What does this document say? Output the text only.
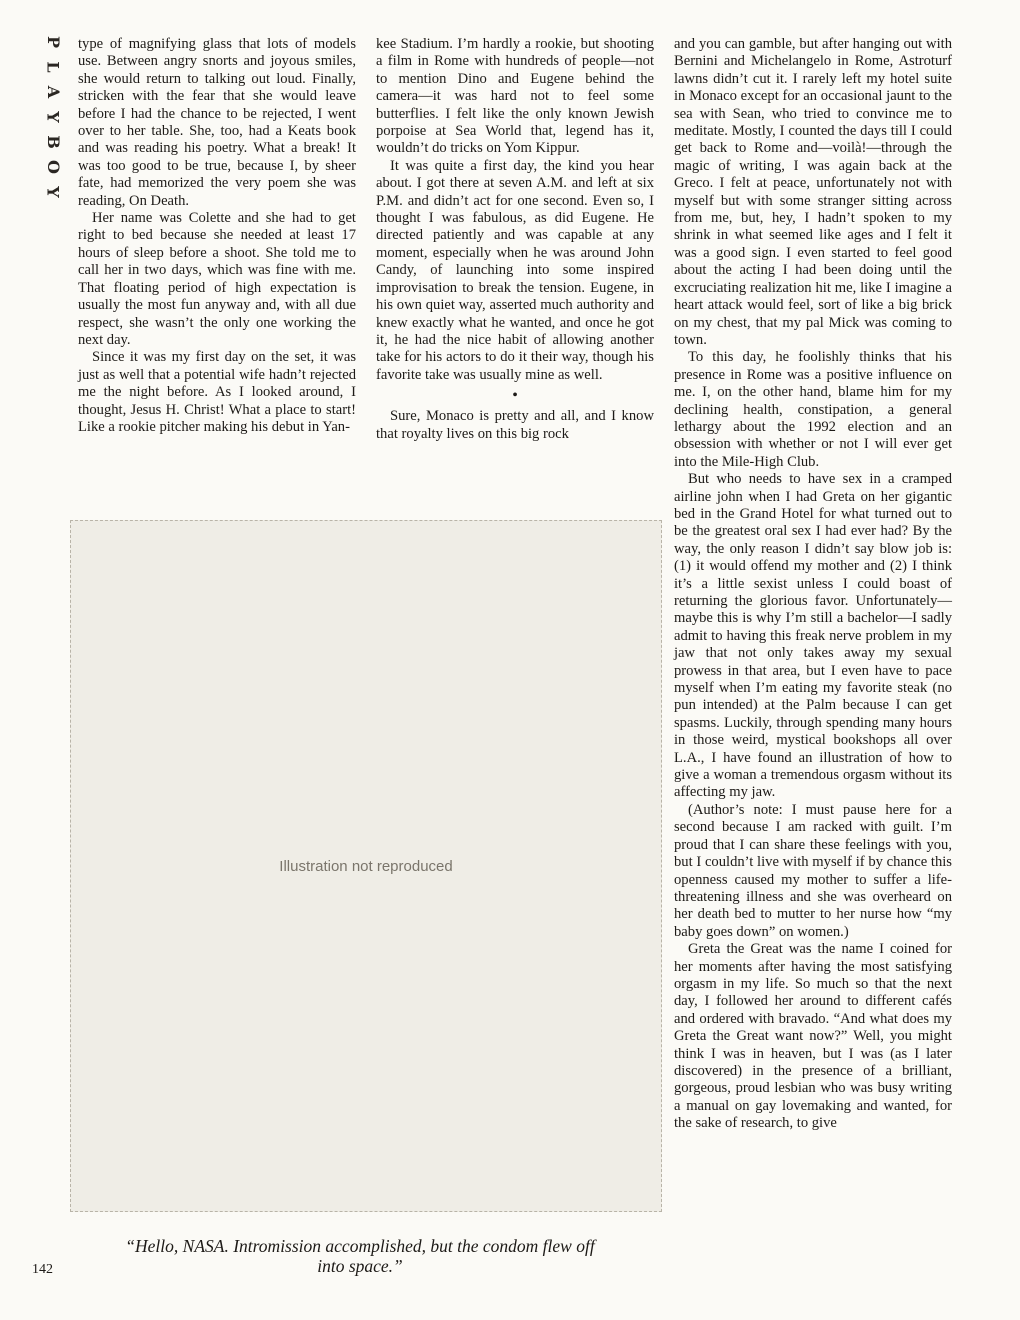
P
L
A
Y
B
O
Y

type of magnifying glass that lots of models use. Between angry snorts and joyous smiles, she would return to talking out loud. Finally, stricken with the fear that she would leave before I had the chance to be rejected, I went over to her table. She, too, had a Keats book and was reading his poetry. What a break! It was too good to be true, because I, by sheer fate, had memorized the very poem she was reading, On Death.

Her name was Colette and she had to get right to bed because she needed at least 17 hours of sleep before a shoot. She told me to call her in two days, which was fine with me. That floating period of high expectation is usually the most fun anyway and, with all due respect, she wasn’t the only one working the next day.

Since it was my first day on the set, it was just as well that a potential wife hadn’t rejected me the night before. As I looked around, I thought, Jesus H. Christ! What a place to start! Like a rookie pitcher making his debut in Yan-

kee Stadium. I’m hardly a rookie, but shooting a film in Rome with hundreds of people—not to mention Dino and Eugene behind the camera—it was hard not to feel some butterflies. I felt like the only known Jewish porpoise at Sea World that, legend has it, wouldn’t do tricks on Yom Kippur.

It was quite a first day, the kind you hear about. I got there at seven A.M. and left at six P.M. and didn’t act for one second. Even so, I thought I was fabulous, as did Eugene. He directed patiently and was capable at any moment, especially when he was around John Candy, of launching into some inspired improvisation to break the tension. Eugene, in his own quiet way, asserted much authority and knew exactly what he wanted, and once he got it, he had the nice habit of allowing another take for his actors to do it their way, though his favorite take was usually mine as well.

•

Sure, Monaco is pretty and all, and I know that royalty lives on this big rock

and you can gamble, but after hanging out with Bernini and Michelangelo in Rome, Astroturf lawns didn’t cut it. I rarely left my hotel suite in Monaco except for an occasional jaunt to the sea with Sean, who tried to convince me to meditate. Mostly, I counted the days till I could get back to Rome and—voilà!—through the magic of writing, I was again back at the Greco. I felt at peace, unfortunately not with myself but with some stranger sitting across from me, but, hey, I hadn’t spoken to my shrink in what seemed like ages and I felt it was a good sign. I even started to feel good about the acting I had been doing until the excruciating realization hit me, like I imagine a heart attack would feel, sort of like a big brick on my chest, that my pal Mick was coming to town.

To this day, he foolishly thinks that his presence in Rome was a positive influence on me. I, on the other hand, blame him for my declining health, constipation, a general lethargy about the 1992 election and an obsession with whether or not I will ever get into the Mile-High Club.

But who needs to have sex in a cramped airline john when I had Greta on her gigantic bed in the Grand Hotel for what turned out to be the greatest oral sex I had ever had? By the way, the only reason I didn’t say blow job is: (1) it would offend my mother and (2) I think it’s a little sexist unless I could boast of returning the glorious favor. Unfortunately—maybe this is why I’m still a bachelor—I sadly admit to having this freak nerve problem in my jaw that not only takes away my sexual prowess in that area, but I even have to pace myself when I’m eating my favorite steak (no pun intended) at the Palm because I can get spasms. Luckily, through spending many hours in those weird, mystical bookshops all over L.A., I have found an illustration of how to give a woman a tremendous orgasm without its affecting my jaw.

(Author’s note: I must pause here for a second because I am racked with guilt. I’m proud that I can share these feelings with you, but I couldn’t live with myself if by chance this openness caused my mother to suffer a life-threatening illness and she was overheard on her death bed to mutter to her nurse how “my baby goes down” on women.)

Greta the Great was the name I coined for her moments after having the most satisfying orgasm in my life. So much so that the next day, I followed her around to different cafés and ordered with bravado. “And what does my Greta the Great want now?” Well, you might think I was in heaven, but I was (as I later discovered) in the presence of a brilliant, gorgeous, proud lesbian who was busy writing a manual on gay lovemaking and wanted, for the sake of research, to give

Illustration not reproduced
“Hello, NASA. Intromission accomplished, but the condom flew off into space.”
142
